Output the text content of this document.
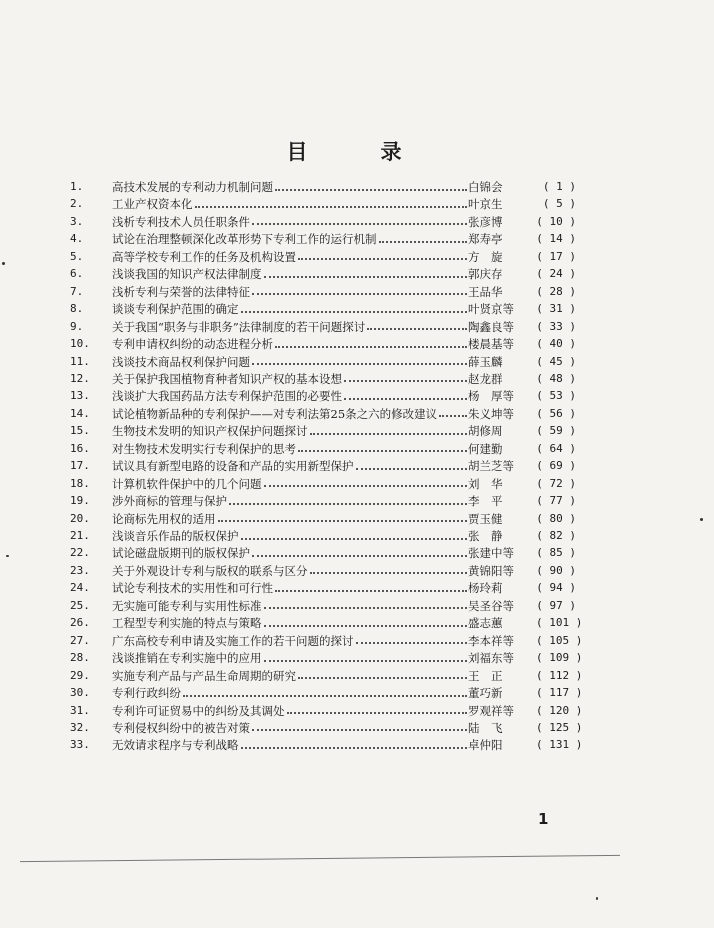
目　录
1.	高技术发展的专利动力机制问题	白锦会	( 1 )
2.	工业产权资本化	叶京生	( 5 )
3.	浅析专利技术人员任职条件	张彦博	( 10 )
4.	试论在治理整顿深化改革形势下专利工作的运行机制	郑寿亭	( 14 )
5.	高等学校专利工作的任务及机构设置	方　旋	( 17 )
6.	浅谈我国的知识产权法律制度	郭庆存	( 24 )
7.	浅析专利与荣誉的法律特征	王品华	( 28 )
8.	谈谈专利保护范围的确定	叶贤京等	( 31 )
9.	关于我国“职务与非职务”法律制度的若干问题探讨	陶鑫良等	( 33 )
10.	专利申请权纠纷的动态进程分析	楼晨基等	( 40 )
11.	浅谈技术商品权利保护问题	薛玉麟	( 45 )
12.	关于保护我国植物育种者知识产权的基本设想	赵龙群	( 48 )
13.	浅谈扩大我国药品方法专利保护范围的必要性	杨　厚等	( 53 )
14.	试论植物新品种的专利保护——对专利法第25条之六的修改建议	朱义坤等	( 56 )
15.	生物技术发明的知识产权保护问题探讨	胡修周	( 59 )
16.	对生物技术发明实行专利保护的思考	何建勤	( 64 )
17.	试议具有新型电路的设备和产品的实用新型保护	胡兰芝等	( 69 )
18.	计算机软件保护中的几个问题	刘　华	( 72 )
19.	涉外商标的管理与保护	李　平	( 77 )
20.	论商标先用权的适用	贾玉健	( 80 )
21.	浅谈音乐作品的版权保护	张　静	( 82 )
22.	试论磁盘版期刊的版权保护	张建中等	( 85 )
23.	关于外观设计专利与版权的联系与区分	黄锦阳等	( 90 )
24.	试论专利技术的实用性和可行性	杨玲莉	( 94 )
25.	无实施可能专利与实用性标准	吴圣谷等	( 97 )
26.	工程型专利实施的特点与策略	盛志蕙	( 101 )
27.	广东高校专利申请及实施工作的若干问题的探讨	李本祥等	( 105 )
28.	浅谈推销在专利实施中的应用	刘福东等	( 109 )
29.	实施专利产品与产品生命周期的研究	王　正	( 112 )
30.	专利行政纠纷	董巧新	( 117 )
31.	专利许可证贸易中的纠纷及其调处	罗观祥等	( 120 )
32.	专利侵权纠纷中的被告对策	陆　飞	( 125 )
33.	无效请求程序与专利战略	卓仲阳	( 131 )
1
